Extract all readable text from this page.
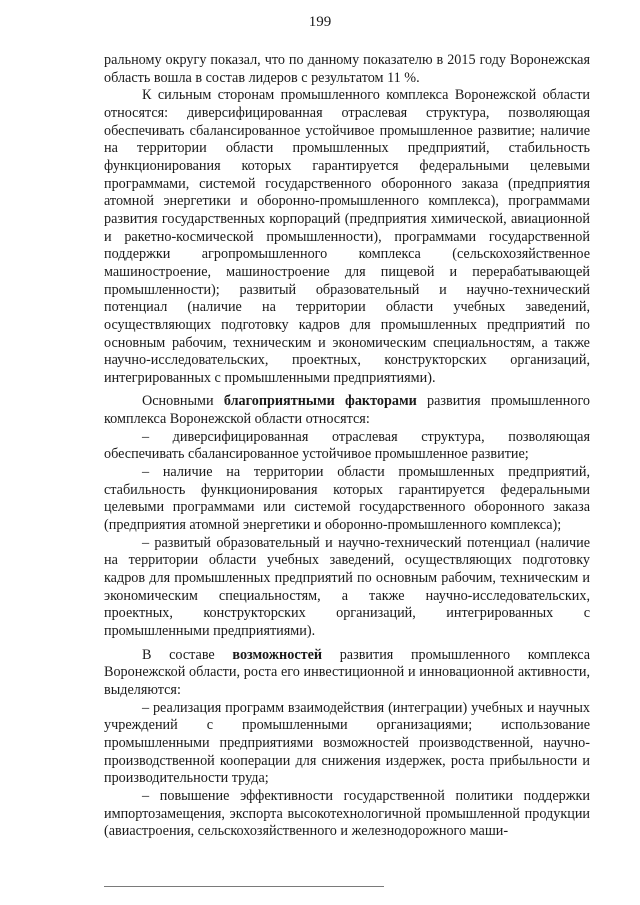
199

ральному округу показал, что по данному показателю в 2015 году Воронежская область вошла в состав лидеров с результатом 11 %.

К сильным сторонам промышленного комплекса Воронежской области относятся: диверсифицированная отраслевая структура, позволяющая обеспечивать сбалансированное устойчивое промышленное развитие; наличие на территории области промышленных предприятий, стабильность функционирования которых гарантируется федеральными целевыми программами, системой государственного оборонного заказа (предприятия атомной энергетики и оборонно-промышленного комплекса), программами развития государственных корпораций (предприятия химической, авиационной и ракетно-космической промышленности), программами государственной поддержки агропромышленного комплекса (сельскохозяйственное машиностроение, машиностроение для пищевой и перерабатывающей промышленности); развитый образовательный и научно-технический потенциал (наличие на территории области учебных заведений, осуществляющих подготовку кадров для промышленных предприятий по основным рабочим, техническим и экономическим специальностям, а также научно-исследовательских, проектных, конструкторских организаций, интегрированных с промышленными предприятиями).

Основными благоприятными факторами развития промышленного комплекса Воронежской области относятся:

– диверсифицированная отраслевая структура, позволяющая обеспечивать сбалансированное устойчивое промышленное развитие;

– наличие на территории области промышленных предприятий, стабильность функционирования которых гарантируется федеральными целевыми программами или системой государственного оборонного заказа (предприятия атомной энергетики и оборонно-промышленного комплекса);

– развитый образовательный и научно-технический потенциал (наличие на территории области учебных заведений, осуществляющих подготовку кадров для промышленных предприятий по основным рабочим, техническим и экономическим специальностям, а также научно-исследовательских, проектных, конструкторских организаций, интегрированных с промышленными предприятиями).

В составе возможностей развития промышленного комплекса Воронежской области, роста его инвестиционной и инновационной активности, выделяются:

– реализация программ взаимодействия (интеграции) учебных и научных учреждений с промышленными организациями; использование промышленными предприятиями возможностей производственной, научно-производственной кооперации для снижения издержек, роста прибыльности и производительности труда;

– повышение эффективности государственной политики поддержки импортозамещения, экспорта высокотехнологичной промышленной продукции (авиастроения, сельскохозяйственного и железнодорожного маши-
